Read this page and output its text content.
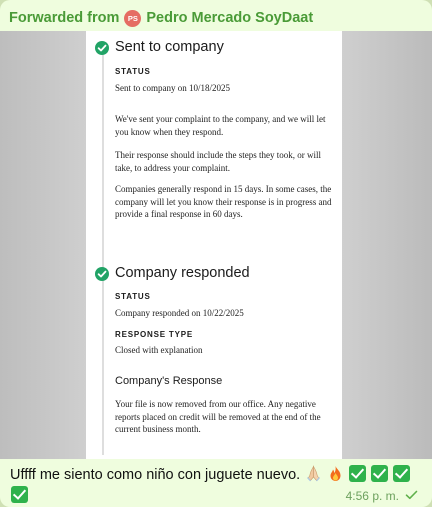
Forwarded from	PS Pedro Mercado SoyDaat
Sent to company
STATUS
Sent to company on 10/18/2025
We've sent your complaint to the company, and we will let you know when they respond.
Their response should include the steps they took, or will take, to address your complaint.
Companies generally respond in 15 days. In some cases, the company will let you know their response is in progress and provide a final response in 60 days.
Company responded
STATUS
Company responded on 10/22/2025
RESPONSE TYPE
Closed with explanation
Company's Response
Your file is now removed from our office. Any negative reports placed on credit will be removed at the end of the current business month.
Uffff me siento como niño con juguete nuevo.

4:56 p. m.
